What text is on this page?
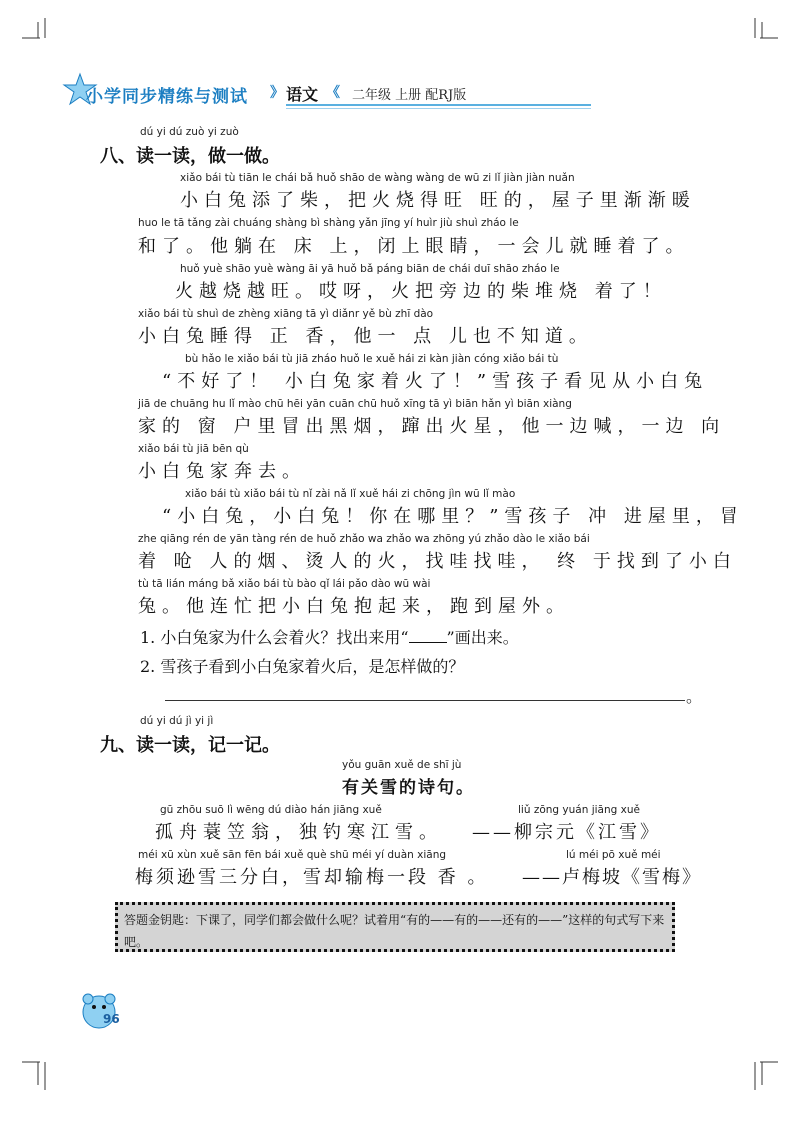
小学同步精练与测试 》 语文 《 二年级 上册 配RJ版
dú yi dú zuò yi zuò
八、读一读，做一做。
xiǎo bái tù tiān le chái bǎ huǒ shāo de wàng wàng de wū zi lǐ jiàn jiàn nuǎn
小白兔添了柴，把火烧得旺 旺的，屋子里渐渐暖
huo le tā tǎng zài chuáng shàng bì shàng yǎn jīng yí huìr jiù shuì zháo le
和了。他躺在 床 上，闭上眼睛，一会儿就睡着了。
huǒ yuè shāo yuè wàng āi yā huǒ bǎ páng biān de chái duī shāo zháo le
火越烧越旺。哎呀，火把旁边的柴堆烧 着了！
xiǎo bái tù shuì de zhèng xiāng tā yì diǎnr yě bù zhī dào
小白兔睡得 正 香，他一 点 儿也不知道。
bù hǎo le xiǎo bái tù jiā zháo huǒ le xuě hái zi kàn jiàn cóng xiǎo bái tù
“不好了！ 小白兔家着火了！”雪孩子看见从小白兔
jiā de chuāng hu lǐ mào chū hēi yān cuān chū huǒ xīng tā yì biān hǎn yì biān xiàng
家的 窗 户里冒出黑烟，蹿出火星，他一边喊，一边 向
xiǎo bái tù jiā bēn qù
小白兔家奔去。
xiǎo bái tù xiǎo bái tù nǐ zài nǎ lǐ xuě hái zi chōng jìn wū lǐ mào
“小白兔，小白兔！你在哪里？”雪孩子 冲 进屋里，冒
zhe qiāng rén de yān tàng rén de huǒ zhǎo wa zhǎo wa zhōng yú zhǎo dào le xiǎo bái
着 呛 人的烟、烫人的火，找哇找哇， 终 于找到了小白
tù tā lián máng bǎ xiǎo bái tù bào qǐ lái pǎo dào wū wài
兔。他连忙把小白兔抱起来，跑到屋外。
1. 小白兔家为什么会着火？找出来用“ ”画出来。
2. 雪孩子看到小白兔家着火后，是怎样做的？
。
dú yi dú jì yi jì
九、读一读，记一记。
yǒu guān xuě de shī jù
有关雪的诗句。
gū zhōu suō lì wēng dú diào hán jiāng xuě
孤舟蓑笠翁，独钓寒江雪。
liǔ zōng yuán jiāng xuě
——柳宗元《江雪》
méi xū xùn xuě sān fēn bái xuě què shū méi yí duàn xiāng
梅须逊雪三分白，雪却输梅一段 香 。
lú méi pō xuě méi
——卢梅坡《雪梅》
答题金钥匙：下课了，同学们都会做什么呢？试着用“有的——有的——还有的——”这样的句式写下来吧。
96
